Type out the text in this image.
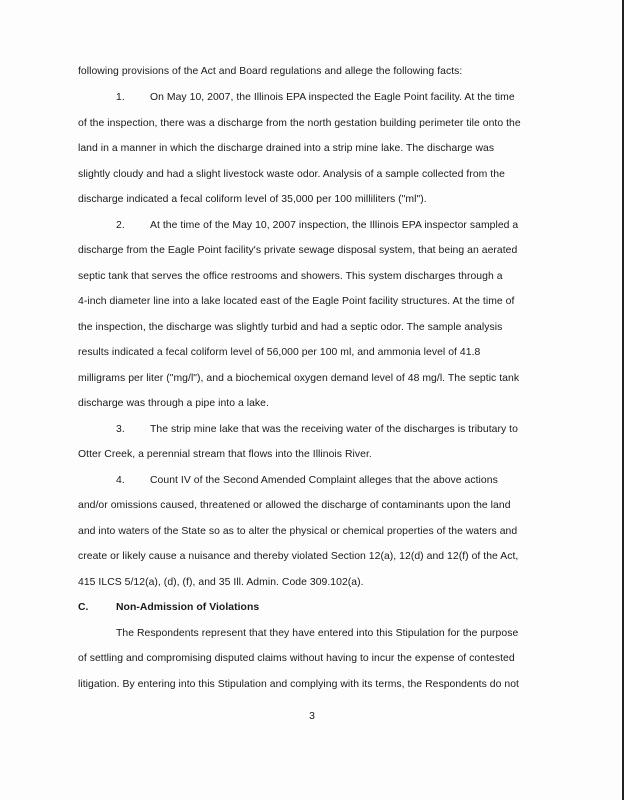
following provisions of the Act and Board regulations and allege the following facts:
1. On May 10, 2007, the Illinois EPA inspected the Eagle Point facility. At the time
of the inspection, there was a discharge from the north gestation building perimeter tile onto the
land in a manner in which the discharge drained into a strip mine lake. The discharge was
slightly cloudy and had a slight livestock waste odor. Analysis of a sample collected from the
discharge indicated a fecal coliform level of 35,000 per 100 milliliters ("ml").
2. At the time of the May 10, 2007 inspection, the Illinois EPA inspector sampled a
discharge from the Eagle Point facility's private sewage disposal system, that being an aerated
septic tank that serves the office restrooms and showers. This system discharges through a
4-inch diameter line into a lake located east of the Eagle Point facility structures. At the time of
the inspection, the discharge was slightly turbid and had a septic odor. The sample analysis
results indicated a fecal coliform level of 56,000 per 100 ml, and ammonia level of 41.8
milligrams per liter ("mg/l"), and a biochemical oxygen demand level of 48 mg/l. The septic tank
discharge was through a pipe into a lake.
3. The strip mine lake that was the receiving water of the discharges is tributary to
Otter Creek, a perennial stream that flows into the Illinois River.
4. Count IV of the Second Amended Complaint alleges that the above actions
and/or omissions caused, threatened or allowed the discharge of contaminants upon the land
and into waters of the State so as to alter the physical or chemical properties of the waters and
create or likely cause a nuisance and thereby violated Section 12(a), 12(d) and 12(f) of the Act,
415 ILCS 5/12(a), (d), (f), and 35 Ill. Admin. Code 309.102(a).
C.	Non-Admission of Violations
The Respondents represent that they have entered into this Stipulation for the purpose
of settling and compromising disputed claims without having to incur the expense of contested
litigation. By entering into this Stipulation and complying with its terms, the Respondents do not
3
